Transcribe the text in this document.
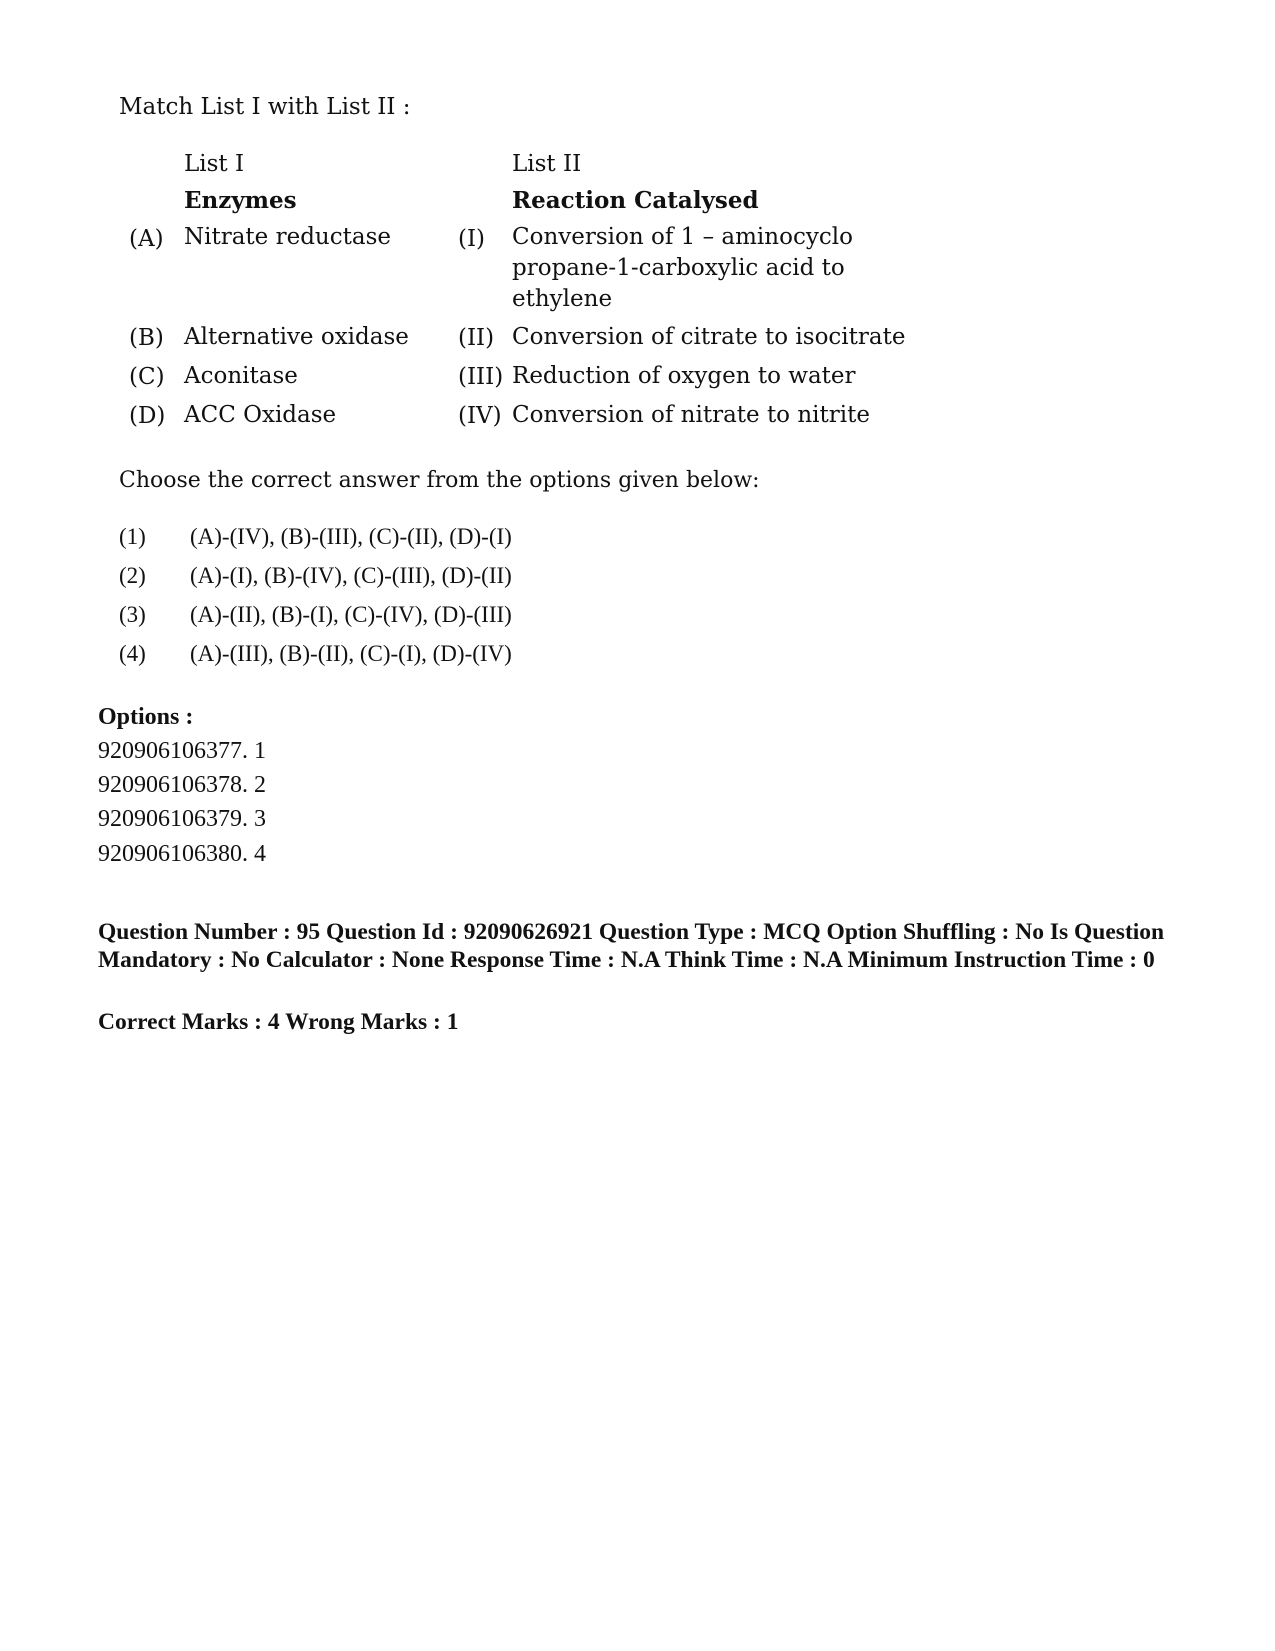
Match List I with List II :
List I
Enzymes
List II
Reaction Catalysed
(A) Nitrate reductase	(I) Conversion of 1 – aminocyclo
propane-1-carboxylic acid to
ethylene
(B) Alternative oxidase (II) Conversion of citrate to isocitrate
(C) Aconitase	(III) Reduction of oxygen to water
(D) ACC Oxidase	(IV) Conversion of nitrate to nitrite
Choose the correct answer from the options given below:
(1) (A)-(IV), (B)-(III), (C)-(II), (D)-(I)
(2) (A)-(I), (B)-(IV), (C)-(III), (D)-(II)
(3) (A)-(II), (B)-(I), (C)-(IV), (D)-(III)
(4) (A)-(III), (B)-(II), (C)-(I), (D)-(IV)
Options :
920906106377. 1
920906106378. 2
920906106379. 3
920906106380. 4
Question Number : 95 Question Id : 92090626921 Question Type : MCQ Option Shuffling : No Is Question Mandatory : No Calculator : None Response Time : N.A Think Time : N.A Minimum Instruction Time : 0
Correct Marks : 4 Wrong Marks : 1
